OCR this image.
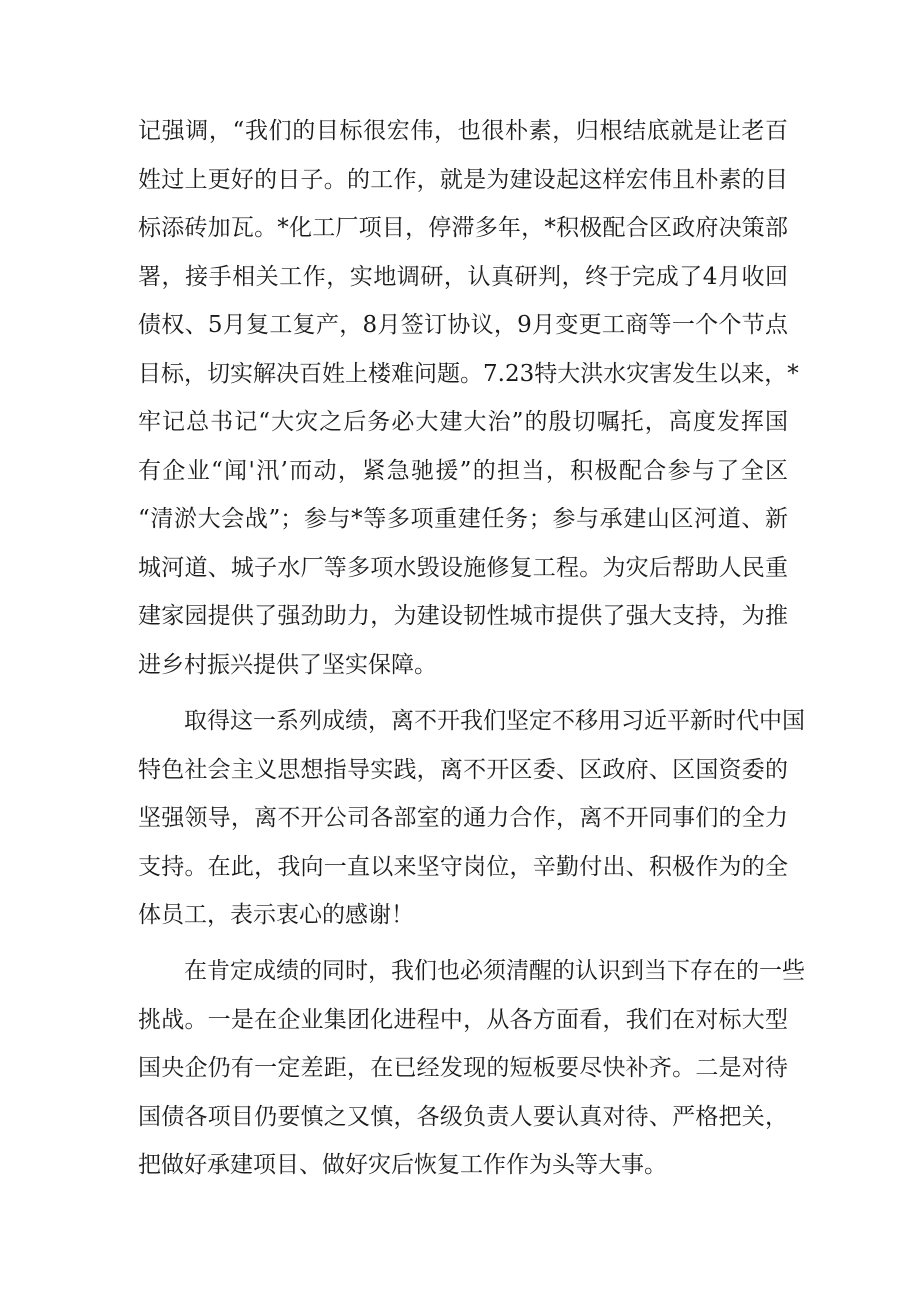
记强调，“我们的目标很宏伟，也很朴素，归根结底就是让老百
姓过上更好的日子。的工作，就是为建设起这样宏伟且朴素的目
标添砖加瓦。*化工厂项目，停滞多年，*积极配合区政府决策部
署，接手相关工作，实地调研，认真研判，终于完成了4月收回
债权、5月复工复产，8月签订协议，9月变更工商等一个个节点
目标，切实解决百姓上楼难问题。7.23特大洪水灾害发生以来，*
牢记总书记“大灾之后务必大建大治”的殷切嘱托，高度发挥国
有企业“闻'汛’而动，紧急驰援”的担当，积极配合参与了全区
“清淤大会战”；参与*等多项重建任务；参与承建山区河道、新
城河道、城子水厂等多项水毁设施修复工程。为灾后帮助人民重
建家园提供了强劲助力，为建设韧性城市提供了强大支持，为推
进乡村振兴提供了坚实保障。
　　取得这一系列成绩，离不开我们坚定不移用习近平新时代中国
特色社会主义思想指导实践，离不开区委、区政府、区国资委的
坚强领导，离不开公司各部室的通力合作，离不开同事们的全力
支持。在此，我向一直以来坚守岗位，辛勤付出、积极作为的全
体员工，表示衷心的感谢！
　　在肯定成绩的同时，我们也必须清醒的认识到当下存在的一些
挑战。一是在企业集团化进程中，从各方面看，我们在对标大型
国央企仍有一定差距，在已经发现的短板要尽快补齐。二是对待
国债各项目仍要慎之又慎，各级负责人要认真对待、严格把关，
把做好承建项目、做好灾后恢复工作作为头等大事。
